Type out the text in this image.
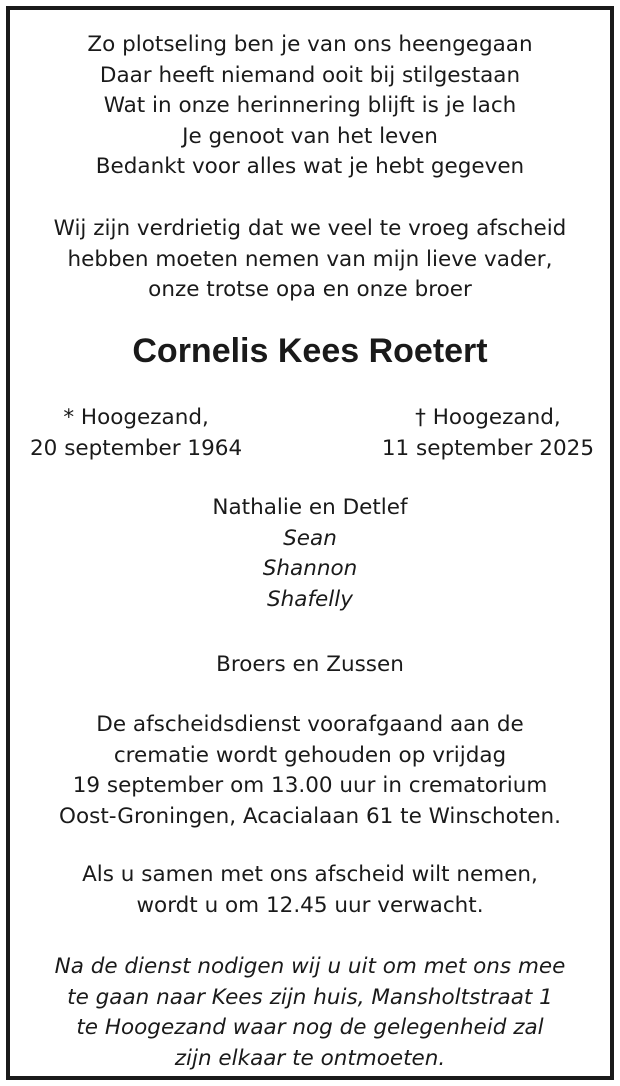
Zo plotseling ben je van ons heengegaan
Daar heeft niemand ooit bij stilgestaan
Wat in onze herinnering blijft is je lach
Je genoot van het leven
Bedankt voor alles wat je hebt gegeven
Wij zijn verdrietig dat we veel te vroeg afscheid
hebben moeten nemen van mijn lieve vader,
onze trotse opa en onze broer
Cornelis Kees Roetert
* Hoogezand,
20 september 1964
† Hoogezand,
11 september 2025
Nathalie en Detlef
Sean
Shannon
Shafelly
Broers en Zussen
De afscheidsdienst voorafgaand aan de
crematie wordt gehouden op vrijdag
19 september om 13.00 uur in crematorium
Oost-Groningen, Acacialaan 61 te Winschoten.
Als u samen met ons afscheid wilt nemen,
wordt u om 12.45 uur verwacht.
Na de dienst nodigen wij u uit om met ons mee
te gaan naar Kees zijn huis, Mansholtstraat 1
te Hoogezand waar nog de gelegenheid zal
zijn elkaar te ontmoeten.
